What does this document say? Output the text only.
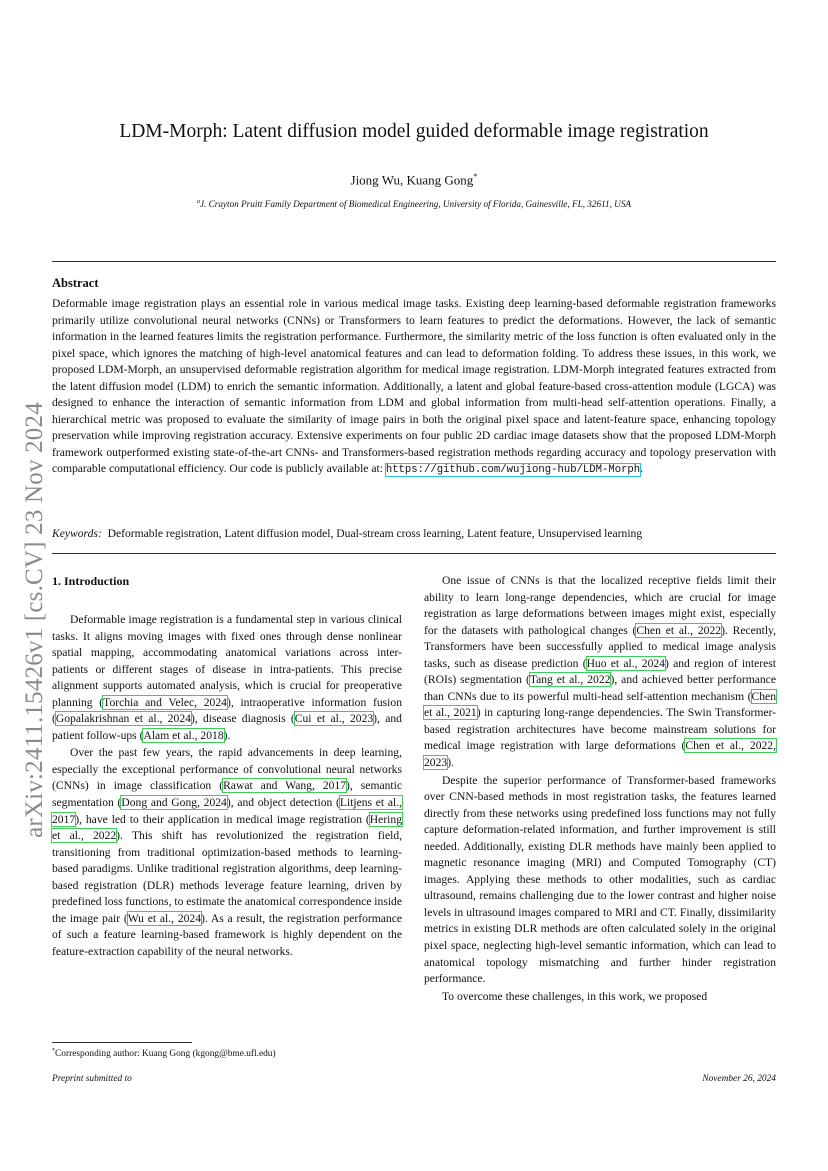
arXiv:2411.15426v1 [cs.CV] 23 Nov 2024
LDM-Morph: Latent diffusion model guided deformable image registration
Jiong Wu, Kuang Gong*
$^a$J. Crayton Pruitt Family Department of Biomedical Engineering, University of Florida, Gainesville, FL, 32611, USA
Abstract
Deformable image registration plays an essential role in various medical image tasks. Existing deep learning-based deformable registration frameworks primarily utilize convolutional neural networks (CNNs) or Transformers to learn features to predict the deformations. However, the lack of semantic information in the learned features limits the registration performance. Furthermore, the similarity metric of the loss function is often evaluated only in the pixel space, which ignores the matching of high-level anatomical features and can lead to deformation folding. To address these issues, in this work, we proposed LDM-Morph, an unsupervised deformable registration algorithm for medical image registration. LDM-Morph integrated features extracted from the latent diffusion model (LDM) to enrich the semantic information. Additionally, a latent and global feature-based cross-attention module (LGCA) was designed to enhance the interaction of semantic information from LDM and global information from multi-head self-attention operations. Finally, a hierarchical metric was proposed to evaluate the similarity of image pairs in both the original pixel space and latent-feature space, enhancing topology preservation while improving registration accuracy. Extensive experiments on four public 2D cardiac image datasets show that the proposed LDM-Morph framework outperformed existing state-of-the-art CNNs- and Transformers-based registration methods regarding accuracy and topology preservation with comparable computational efficiency. Our code is publicly available at: https://github.com/wujiong-hub/LDM-Morph.
Keywords: Deformable registration, Latent diffusion model, Dual-stream cross learning, Latent feature, Unsupervised learning
1. Introduction

Deformable image registration is a fundamental step in various clinical tasks. It aligns moving images with fixed ones through dense nonlinear spatial mapping, accommodating anatomical variations across inter-patients or different stages of disease in intra-patients. This precise alignment supports automated analysis, which is crucial for preoperative planning (Torchia and Velec, 2024), intraoperative information fusion (Gopalakrishnan et al., 2024), disease diagnosis (Cui et al., 2023), and patient follow-ups (Alam et al., 2018).

Over the past few years, the rapid advancements in deep learning, especially the exceptional performance of convolutional neural networks (CNNs) in image classification (Rawat and Wang, 2017), semantic segmentation (Dong and Gong, 2024), and object detection (Litjens et al., 2017), have led to their application in medical image registration (Hering et al., 2022). This shift has revolutionized the registration field, transitioning from traditional optimization-based methods to learning-based paradigms. Unlike traditional registration algorithms, deep learning-based registration (DLR) methods leverage feature learning, driven by predefined loss functions, to estimate the anatomical correspondence inside the image pair (Wu et al., 2024). As a result, the registration performance of such a feature learning-based framework is highly dependent on the feature-extraction capability of the neural networks.

One issue of CNNs is that the localized receptive fields limit their ability to learn long-range dependencies, which are crucial for image registration as large deformations between images might exist, especially for the datasets with pathological changes (Chen et al., 2022). Recently, Transformers have been successfully applied to medical image analysis tasks, such as disease prediction (Huo et al., 2024) and region of interest (ROIs) segmentation (Tang et al., 2022), and achieved better performance than CNNs due to its powerful multi-head self-attention mechanism (Chen et al., 2021) in capturing long-range dependencies. The Swin Transformer-based registration architectures have become mainstream solutions for medical image registration with large deformations (Chen et al., 2022, 2023).

Despite the superior performance of Transformer-based frameworks over CNN-based methods in most registration tasks, the features learned directly from these networks using predefined loss functions may not fully capture deformation-related information, and further improvement is still needed. Additionally, existing DLR methods have mainly been applied to magnetic resonance imaging (MRI) and Computed Tomography (CT) images. Applying these methods to other modalities, such as cardiac ultrasound, remains challenging due to the lower contrast and higher noise levels in ultrasound images compared to MRI and CT. Finally, dissimilarity metrics in existing DLR methods are often calculated solely in the original pixel space, neglecting high-level semantic information, which can lead to anatomical topology mismatching and further hinder registration performance.

To overcome these challenges, in this work, we proposed

*Corresponding author: Kuang Gong (kgong@bme.ufl.edu)
Preprint submitted to	November 26, 2024
